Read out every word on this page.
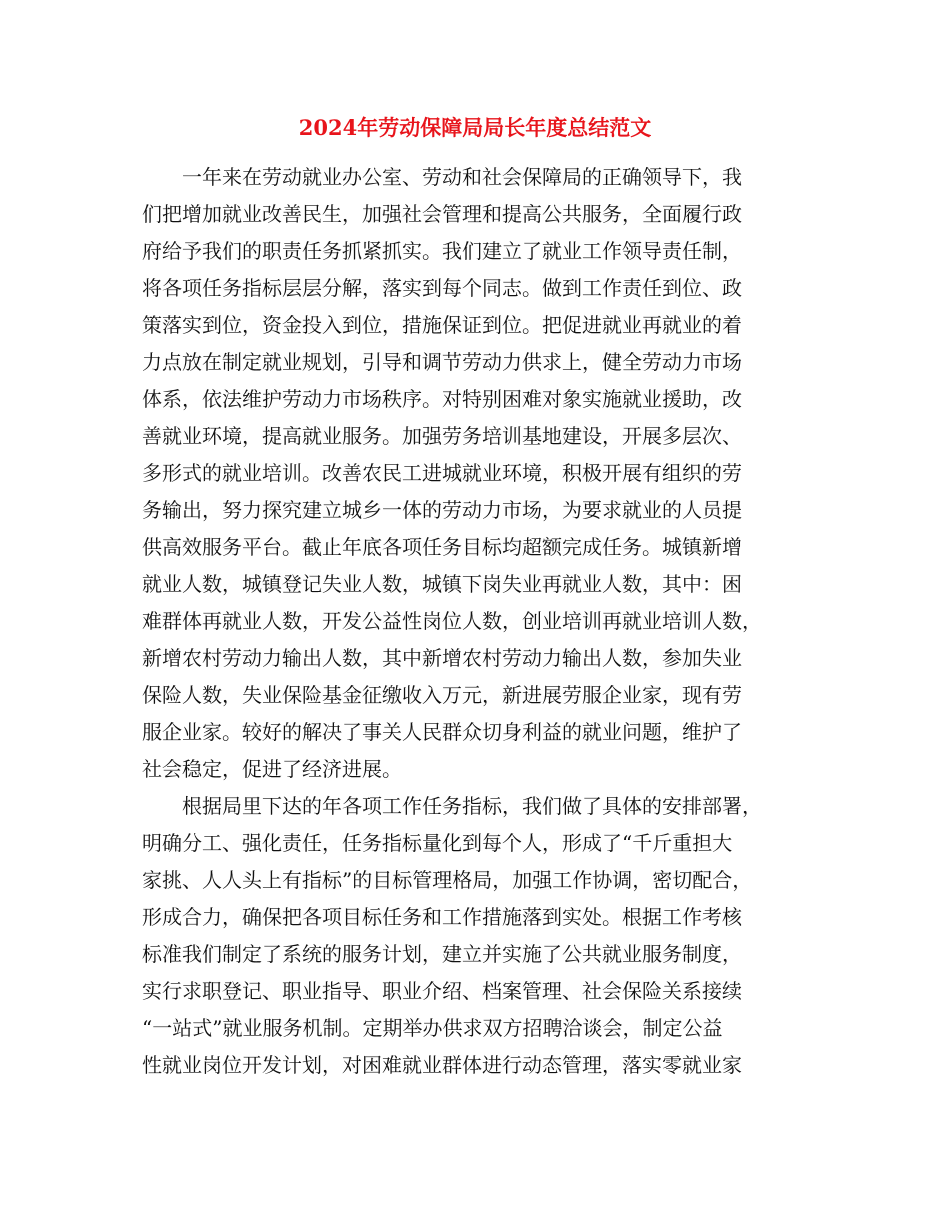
2024年劳动保障局局长年度总结范文
　　一年来在劳动就业办公室、劳动和社会保障局的正确领导下，我
们把增加就业改善民生，加强社会管理和提高公共服务，全面履行政
府给予我们的职责任务抓紧抓实。我们建立了就业工作领导责任制，
将各项任务指标层层分解，落实到每个同志。做到工作责任到位、政
策落实到位，资金投入到位，措施保证到位。把促进就业再就业的着
力点放在制定就业规划，引导和调节劳动力供求上，健全劳动力市场
体系，依法维护劳动力市场秩序。对特别困难对象实施就业援助，改
善就业环境，提高就业服务。加强劳务培训基地建设，开展多层次、
多形式的就业培训。改善农民工进城就业环境，积极开展有组织的劳
务输出，努力探究建立城乡一体的劳动力市场，为要求就业的人员提
供高效服务平台。截止年底各项任务目标均超额完成任务。城镇新增
就业人数，城镇登记失业人数，城镇下岗失业再就业人数，其中：困
难群体再就业人数，开发公益性岗位人数，创业培训再就业培训人数，
新增农村劳动力输出人数，其中新增农村劳动力输出人数，参加失业
保险人数，失业保险基金征缴收入万元，新进展劳服企业家，现有劳
服企业家。较好的解决了事关人民群众切身利益的就业问题，维护了
社会稳定，促进了经济进展。
　　根据局里下达的年各项工作任务指标，我们做了具体的安排部署，
明确分工、强化责任，任务指标量化到每个人，形成了“千斤重担大
家挑、人人头上有指标”的目标管理格局，加强工作协调，密切配合，
形成合力，确保把各项目标任务和工作措施落到实处。根据工作考核
标准我们制定了系统的服务计划，建立并实施了公共就业服务制度，
实行求职登记、职业指导、职业介绍、档案管理、社会保险关系接续
“一站式”就业服务机制。定期举办供求双方招聘洽谈会，制定公益
性就业岗位开发计划，对困难就业群体进行动态管理，落实零就业家
